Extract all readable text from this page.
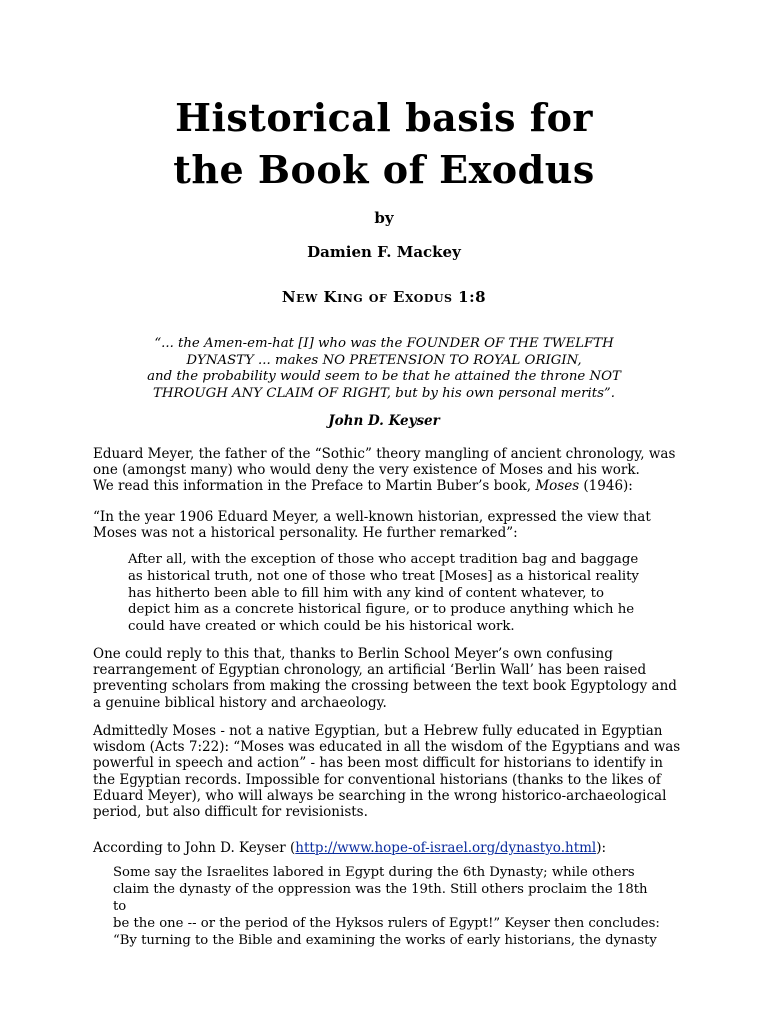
Historical basis for
the Book of Exodus
by
Damien F. Mackey
New King of Exodus 1:8
“... the Amen-em-hat [I] who was the FOUNDER OF THE TWELFTH
DYNASTY ... makes NO PRETENSION TO ROYAL ORIGIN,
and the probability would seem to be that he attained the throne NOT
THROUGH ANY CLAIM OF RIGHT, but by his own personal merits”.
John D. Keyser
Eduard Meyer, the father of the “Sothic” theory mangling of ancient chronology, was
one (amongst many) who would deny the very existence of Moses and his work.
We read this information in the Preface to Martin Buber’s book, Moses (1946):
“In the year 1906 Eduard Meyer, a well-known historian, expressed the view that
Moses was not a historical personality. He further remarked”:
After all, with the exception of those who accept tradition bag and baggage
as historical truth, not one of those who treat [Moses] as a historical reality
has hitherto been able to fill him with any kind of content whatever, to
depict him as a concrete historical figure, or to produce anything which he
could have created or which could be his historical work.
One could reply to this that, thanks to Berlin School Meyer’s own confusing
rearrangement of Egyptian chronology, an artificial ‘Berlin Wall’ has been raised
preventing scholars from making the crossing between the text book Egyptology and
a genuine biblical history and archaeology.
Admittedly Moses - not a native Egyptian, but a Hebrew fully educated in Egyptian
wisdom (Acts 7:22): “Moses was educated in all the wisdom of the Egyptians and was
powerful in speech and action” - has been most difficult for historians to identify in
the Egyptian records. Impossible for conventional historians (thanks to the likes of
Eduard Meyer), who will always be searching in the wrong historico-archaeological
period, but also difficult for revisionists.
According to John D. Keyser (http://www.hope-of-israel.org/dynastyo.html):
Some say the Israelites labored in Egypt during the 6th Dynasty; while others
claim the dynasty of the oppression was the 19th. Still others proclaim the 18th to
be the one -- or the period of the Hyksos rulers of Egypt!” Keyser then concludes:
“By turning to the Bible and examining the works of early historians, the dynasty
